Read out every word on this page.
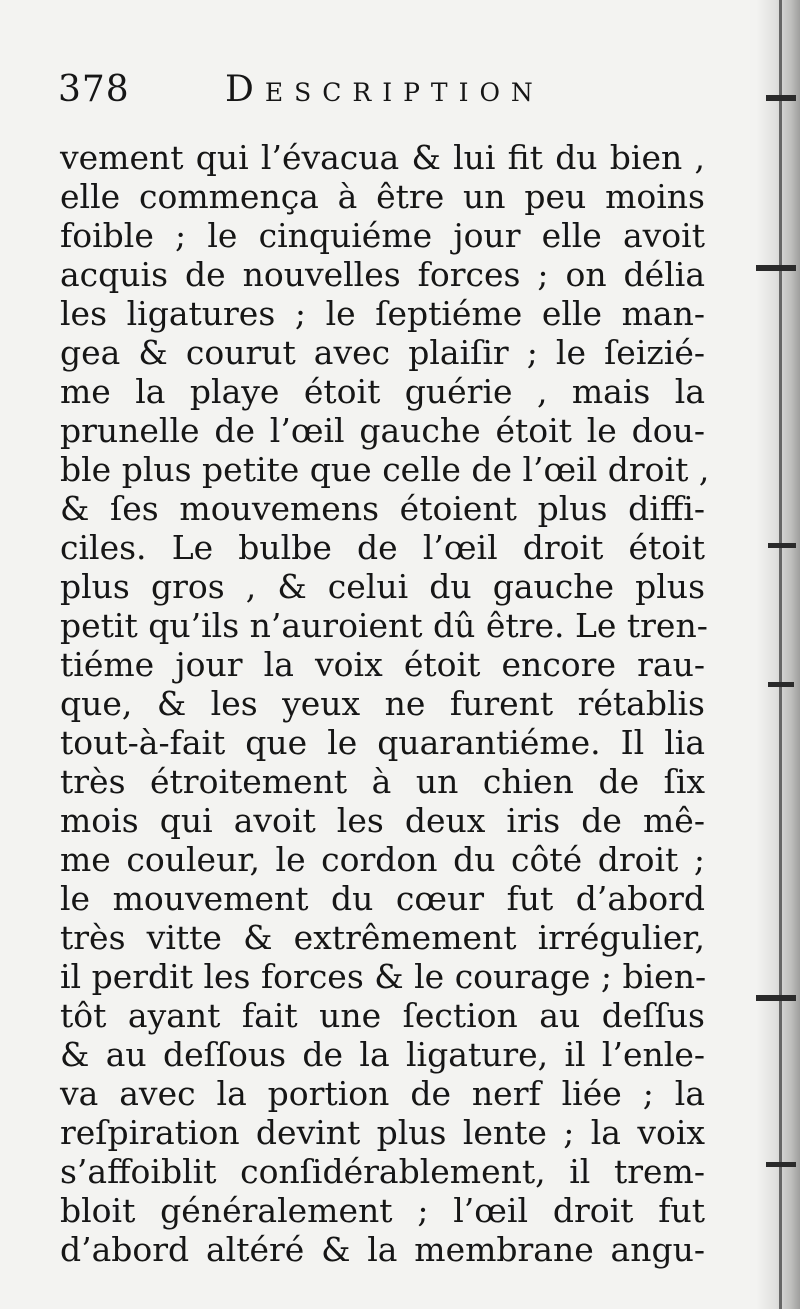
378	Description
vement qui l’évacua & lui fit du bien ,
elle commença à être un peu moins
foible ; le cinquiéme jour elle avoit
acquis de nouvelles forces ; on délia
les ligatures ; le ſeptiéme elle man-
gea & courut avec plaiſir ; le ſeizié-
me la playe étoit guérie , mais la
prunelle de l’œil gauche étoit le dou-
ble plus petite que celle de l’œil droit ,
& ſes mouvemens étoient plus diffi-
ciles. Le bulbe de l’œil droit étoit
plus gros , & celui du gauche plus
petit qu’ils n’auroient dû être. Le tren-
tiéme jour la voix étoit encore rau-
que, & les yeux ne furent rétablis
tout-à-fait que le quarantiéme. Il lia
très étroitement à un chien de ſix
mois qui avoit les deux iris de mê-
me couleur, le cordon du côté droit ;
le mouvement du cœur fut d’abord
très vitte & extrêmement irrégulier,
il perdit les forces & le courage ; bien-
tôt ayant fait une ſection au deſſus
& au deſſous de la ligature, il l’enle-
va avec la portion de nerf liée ; la
reſpiration devint plus lente ; la voix
s’affoiblit conſidérablement, il trem-
bloit généralement ; l’œil droit fut
d’abord altéré & la membrane angu-
